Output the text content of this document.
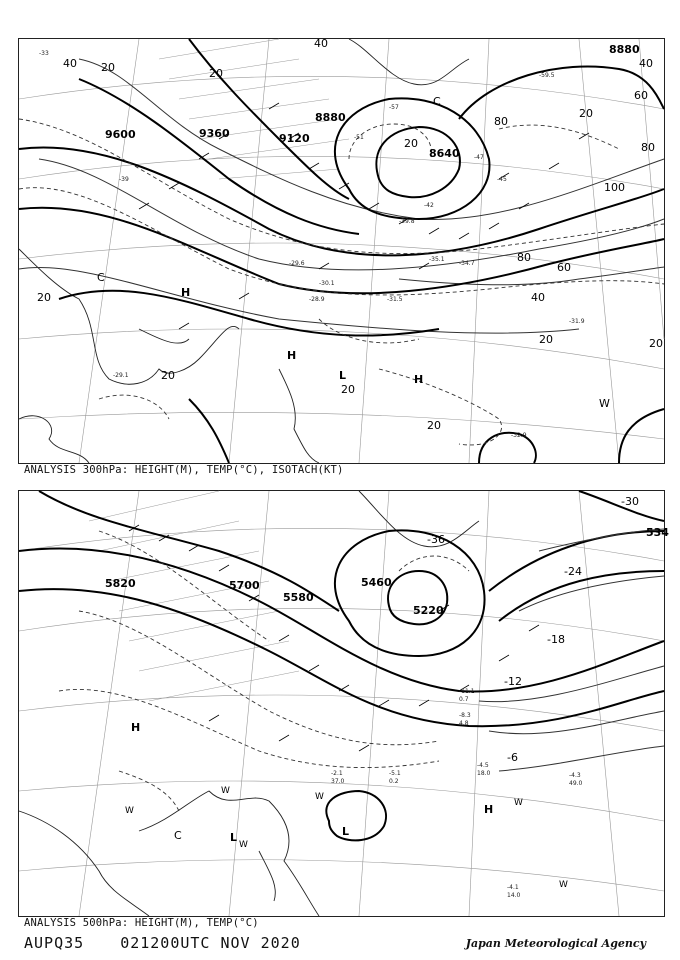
8880
8640
8880
9120
9360
9600
20
40
20
40
60
40
80
100
20
80
80
60
40
20	20
20
20
20
20
20
-33
-39
-51
-57
-47
-45
-42
-34.7
-32.9
-31.9
-31.5
-30.1
-28.9
-29.1
-29.6
-35.1
-39.8
-59.5
H
H
H
L
C
C
W
ANALYSIS 300hPa: HEIGHT(M), TEMP(°C), ISOTACH(KT)
5820	5700
5580
5460
5220
534
-30
-24
-18
-12
-6
-36
-4.1
14.0
-4.3
49.0
-4.5
18.0
-5.1
0.2
-2.1
37.0
-11.1
0.7
-8.3
4.8
H
H
L	L
C
W
W
W
W
W
W
ANALYSIS 500hPa: HEIGHT(M), TEMP(°C)
AUPQ35 021200UTC NOV 2020	Japan Meteorological Agency
